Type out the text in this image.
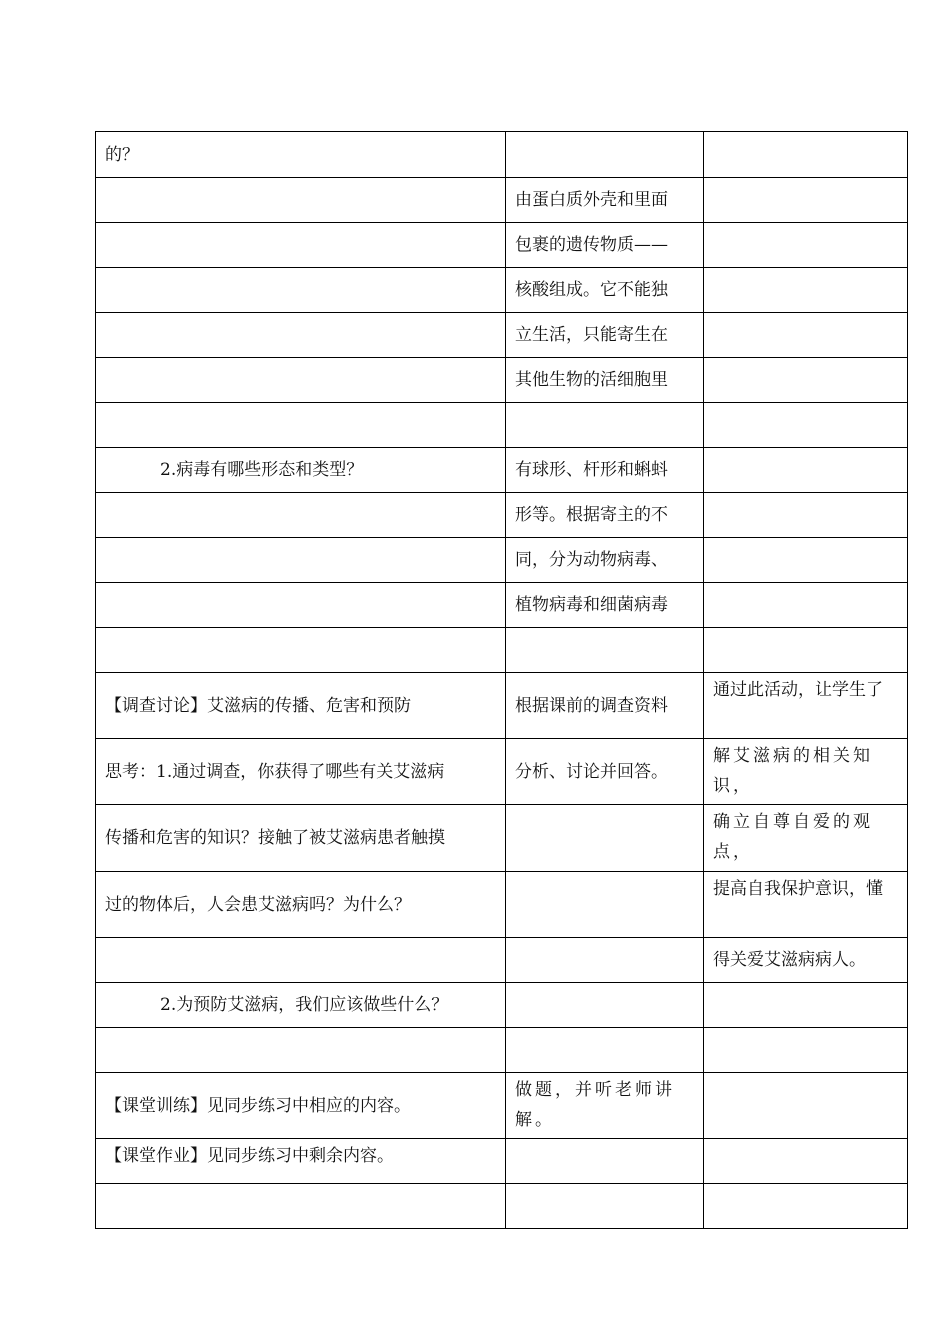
的？		
	由蛋白质外壳和里面	
	包裹的遗传物质——	
	核酸组成。它不能独	
	立生活，只能寄生在	
	其他生物的活细胞里	

2.病毒有哪些形态和类型？	有球形、杆形和蝌蚪	
	形等。根据寄主的不	
	同，分为动物病毒、	
	植物病毒和细菌病毒	

【调查讨论】艾滋病的传播、危害和预防	根据课前的调查资料	通过此活动，让学生了
思考：1.通过调查，你获得了哪些有关艾滋病	分析、讨论并回答。	解艾滋病的相关知识，
传播和危害的知识？接触了被艾滋病患者触摸		确立自尊自爱的观点，
过的物体后，人会患艾滋病吗？为什么？		提高自我保护意识，懂
		得关爱艾滋病病人。
2.为预防艾滋病，我们应该做些什么？		

【课堂训练】见同步练习中相应的内容。	做题，并听老师讲解。	
【课堂作业】见同步练习中剩余内容。		
